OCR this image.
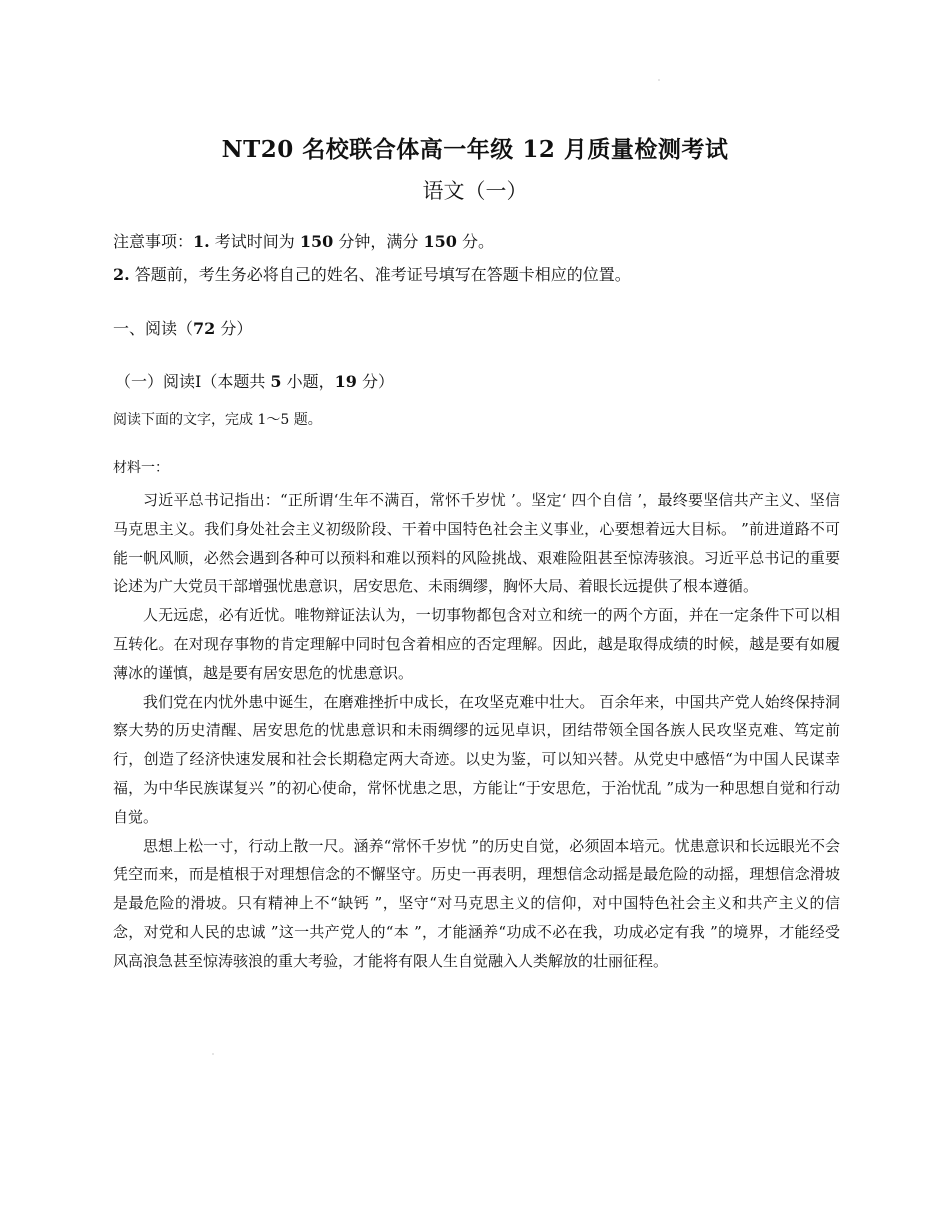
NT20 名校联合体高一年级 12 月质量检测考试
语文（一）
注意事项：1. 考试时间为 150 分钟，满分 150 分。
2. 答题前，考生务必将自己的姓名、准考证号填写在答题卡相应的位置。
一、阅读（72 分）
（一）阅读Ⅰ（本题共 5 小题，19 分）
阅读下面的文字，完成 1～5 题。
材料一：

习近平总书记指出：“正所谓‘生年不满百，常怀千岁忧 ’。坚定‘ 四个自信 ’，最终要坚信共产主义、坚信马克思主义。我们身处社会主义初级阶段、干着中国特色社会主义事业，心要想着远大目标。 ”前进道路不可能一帆风顺，必然会遇到各种可以预料和难以预料的风险挑战、艰难险阻甚至惊涛骇浪。习近平总书记的重要论述为广大党员干部增强忧患意识，居安思危、未雨绸缪，胸怀大局、着眼长远提供了根本遵循。

人无远虑，必有近忧。唯物辩证法认为，一切事物都包含对立和统一的两个方面，并在一定条件下可以相互转化。在对现存事物的肯定理解中同时包含着相应的否定理解。因此，越是取得成绩的时候，越是要有如履薄冰的谨慎，越是要有居安思危的忧患意识。

我们党在内忧外患中诞生，在磨难挫折中成长，在攻坚克难中壮大。 百余年来，中国共产党人始终保持洞察大势的历史清醒、居安思危的忧患意识和未雨绸缪的远见卓识，团结带领全国各族人民攻坚克难、笃定前行，创造了经济快速发展和社会长期稳定两大奇迹。以史为鉴，可以知兴替。从党史中感悟“为中国人民谋幸福，为中华民族谋复兴 ”的初心使命，常怀忧患之思，方能让“于安思危，于治忧乱 ”成为一种思想自觉和行动自觉。

思想上松一寸，行动上散一尺。涵养“常怀千岁忧 ”的历史自觉，必须固本培元。忧患意识和长远眼光不会凭空而来，而是植根于对理想信念的不懈坚守。历史一再表明，理想信念动摇是最危险的动摇，理想信念滑坡是最危险的滑坡。只有精神上不“缺钙 ”，坚守“对马克思主义的信仰，对中国特色社会主义和共产主义的信念，对党和人民的忠诚 ”这一共产党人的“本 ”，才能涵养“功成不必在我，功成必定有我 ”的境界，才能经受风高浪急甚至惊涛骇浪的重大考验，才能将有限人生自觉融入人类解放的壮丽征程。
